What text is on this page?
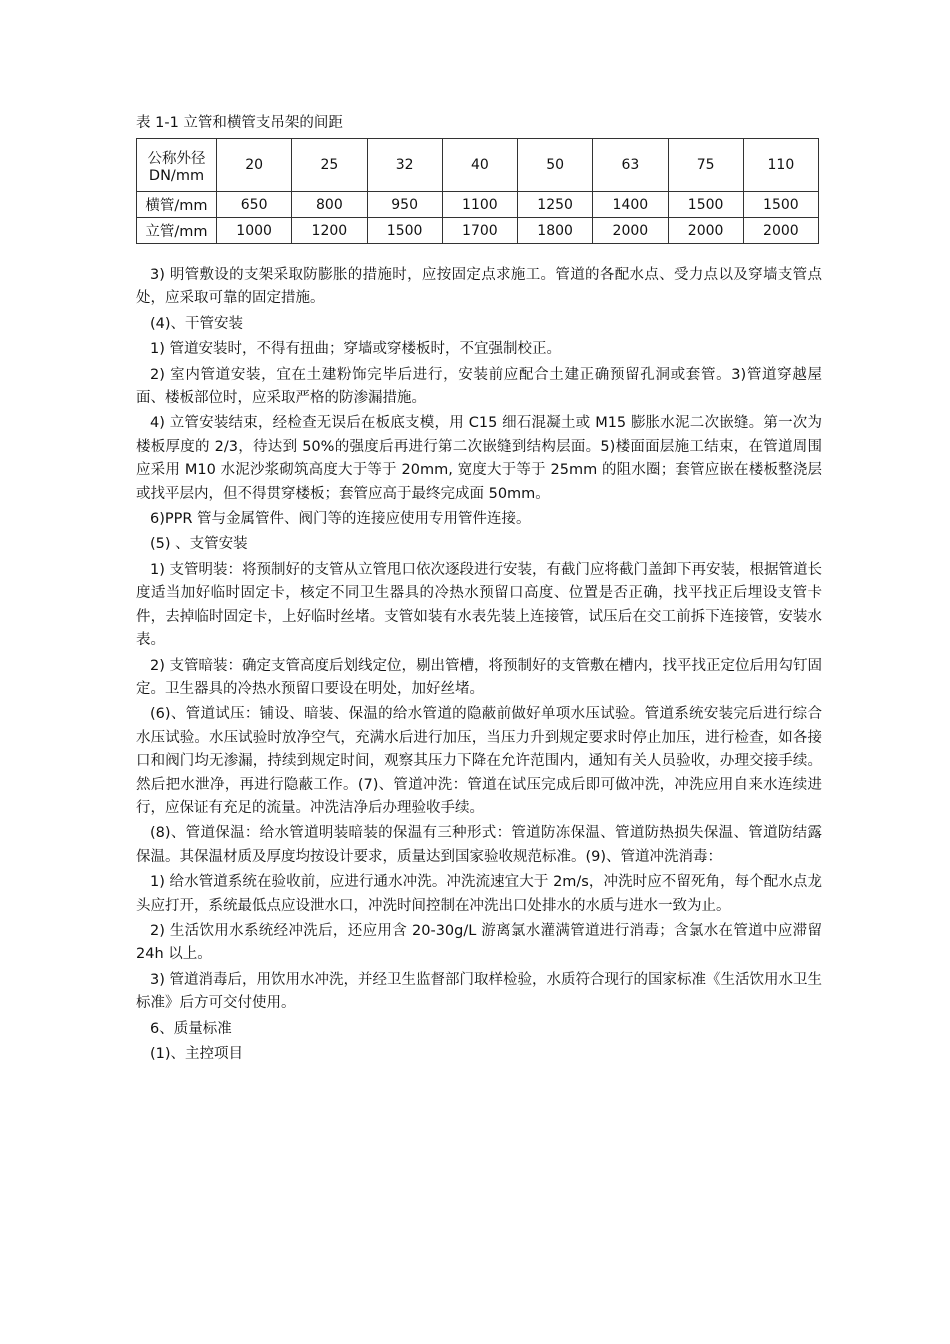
表 1-1 立管和横管支吊架的间距
公称外径 DN/mm	20	25	32	40	50	63	75	110
横管/mm	650	800	950	1100	1250	1400	1500	1500
立管/mm	1000	1200	1500	1700	1800	2000	2000	2000

3) 明管敷设的支架采取防膨胀的措施时，应按固定点求施工。管道的各配水点、受力点以及穿墙支管点处，应采取可靠的固定措施。

(4)、干管安装

1) 管道安装时，不得有扭曲；穿墙或穿楼板时，不宜强制校正。

2) 室内管道安装，宜在土建粉饰完毕后进行，安装前应配合土建正确预留孔洞或套管。3)管道穿越屋面、楼板部位时，应采取严格的防渗漏措施。

4) 立管安装结束，经检查无误后在板底支模，用 C15 细石混凝土或 M15 膨胀水泥二次嵌缝。第一次为楼板厚度的 2/3，待达到 50%的强度后再进行第二次嵌缝到结构层面。5)楼面面层施工结束，在管道周围应采用 M10 水泥沙浆砌筑高度大于等于 20mm, 宽度大于等于 25mm 的阻水圈；套管应嵌在楼板整浇层或找平层内，但不得贯穿楼板；套管应高于最终完成面 50mm。

6)PPR 管与金属管件、阀门等的连接应使用专用管件连接。

(5) 、支管安装

1) 支管明装：将预制好的支管从立管甩口依次逐段进行安装，有截门应将截门盖卸下再安装，根据管道长度适当加好临时固定卡，核定不同卫生器具的冷热水预留口高度、位置是否正确，找平找正后埋设支管卡件，去掉临时固定卡，上好临时丝堵。支管如装有水表先装上连接管，试压后在交工前拆下连接管，安装水表。

2) 支管暗装：确定支管高度后划线定位，剔出管槽，将预制好的支管敷在槽内，找平找正定位后用勾钉固定。卫生器具的冷热水预留口要设在明处，加好丝堵。

(6)、管道试压：铺设、暗装、保温的给水管道的隐蔽前做好单项水压试验。管道系统安装完后进行综合水压试验。水压试验时放净空气，充满水后进行加压，当压力升到规定要求时停止加压，进行检查，如各接口和阀门均无渗漏，持续到规定时间，观察其压力下降在允许范围内，通知有关人员验收，办理交接手续。然后把水泄净，再进行隐蔽工作。(7)、管道冲洗：管道在试压完成后即可做冲洗，冲洗应用自来水连续进行，应保证有充足的流量。冲洗洁净后办理验收手续。

(8)、管道保温：给水管道明装暗装的保温有三种形式：管道防冻保温、管道防热损失保温、管道防结露保温。其保温材质及厚度均按设计要求，质量达到国家验收规范标准。(9)、管道冲洗消毒：

1) 给水管道系统在验收前，应进行通水冲洗。冲洗流速宜大于 2m/s，冲洗时应不留死角，每个配水点龙头应打开，系统最低点应设泄水口，冲洗时间控制在冲洗出口处排水的水质与进水一致为止。

2) 生活饮用水系统经冲洗后，还应用含 20-30g/L 游离氯水灌满管道进行消毒；含氯水在管道中应滞留 24h 以上。

3) 管道消毒后，用饮用水冲洗，并经卫生监督部门取样检验，水质符合现行的国家标准《生活饮用水卫生标准》后方可交付使用。

6、质量标准

(1)、主控项目
